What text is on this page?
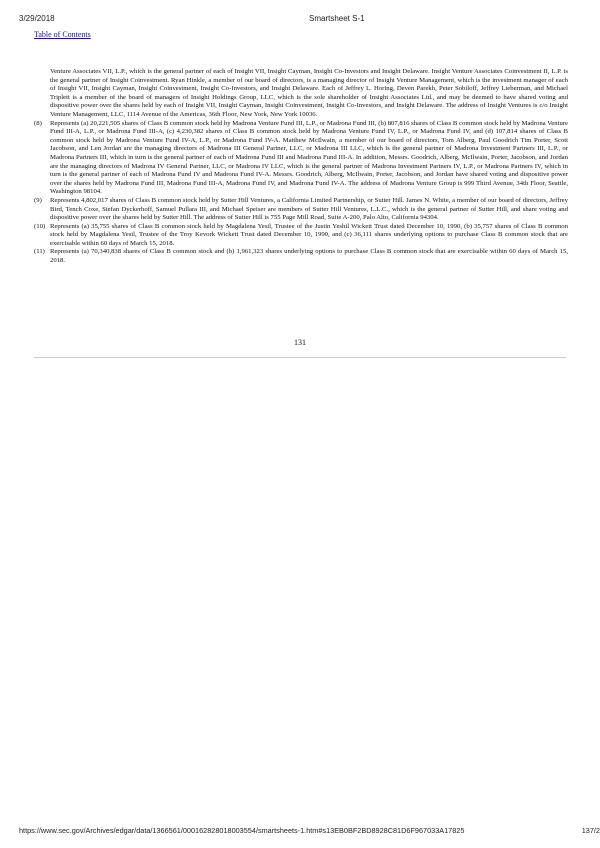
3/29/2018	Smartsheet S-1
Table of Contents

Venture Associates VII, L.P., which is the general partner of each of Insight VII, Insight Cayman, Insight Co-Investors and Insight Delaware. Insight Venture Associates Coinvestment II, L.P. is the general partner of Insight Coinvestment. Ryan Hinkle, a member of our board of directors, is a managing director of Insight Venture Management, which is the investment manager of each of Insight VII, Insight Cayman, Insight Coinvestment, Insight Co-Investors, and Insight Delaware. Each of Jeffrey L. Horing, Deven Parekh, Peter Sobiloff, Jeffrey Lieberman, and Michael Triplett is a member of the board of managers of Insight Holdings Group, LLC, which is the sole shareholder of Insight Associates Ltd., and may be deemed to have shared voting and dispositive power over the shares held by each of Insight VII, Insight Cayman, Insight Coinvestment, Insight Co-Investors, and Insight Delaware. The address of Insight Ventures is c/o Insight Venture Management, LLC, 1114 Avenue of the Americas, 36th Floor, New York, New York 10036.

(8)	Represents (a) 20,221,505 shares of Class B common stock held by Madrona Venture Fund III, L.P., or Madrona Fund III, (b) 807,816 shares of Class B common stock held by Madrona Venture Fund III-A, L.P., or Madrona Fund III-A, (c) 4,230,382 shares of Class B common stock held by Madrona Venture Fund IV, L.P., or Madrona Fund IV, and (d) 107,814 shares of Class B common stock held by Madrona Venture Fund IV-A, L.P., or Madrona Fund IV-A. Matthew McIlwain, a member of our board of directors, Tom Alberg, Paul Goodrich Tim Porter, Scott Jacobson, and Len Jordan are the managing directors of Madrona III General Partner, LLC, or Madrona III LLC, which is the general partner of Madrona Investment Partners III, L.P., or Madrona Partners III, which in turn is the general partner of each of Madrona Fund III and Madrona Fund III-A. In addition, Messrs. Goodrich, Alberg, McIlwain, Porter, Jacobson, and Jordan are the managing directors of Madrona IV General Partner, LLC, or Madrona IV LLC, which is the general partner of Madrona Investment Partners IV, L.P., or Madrona Partners IV, which in turn is the general partner of each of Madrona Fund IV and Madrona Fund IV-A. Messrs. Goodrich, Alberg, McIlwain, Porter, Jacobson, and Jordan have shared voting and dispositive power over the shares held by Madrona Fund III, Madrona Fund III-A, Madrona Fund IV, and Madrona Fund IV-A. The address of Madrona Venture Group is 999 Third Avenue, 34th Floor, Seattle, Washington 98104.
(9)	Represents 4,802,017 shares of Class B common stock held by Sutter Hill Ventures, a California Limited Partnership, or Sutter Hill. James N. White, a member of our board of directors, Jeffrey Bird, Tench Coxe, Stefan Dyckerhoff, Samuel Pullara III, and Michael Speiser are members of Sutter Hill Ventures, L.L.C., which is the general partner of Sutter Hill, and share voting and dispositive power over the shares held by Sutter Hill. The address of Sutter Hill is 755 Page Mill Road, Suite A-200, Palo Alto, California 94304.
(10) Represents (a) 35,755 shares of Class B common stock held by Magdalena Yesil, Trustee of the Justin Yeshil Wickett Trust dated December 10, 1990, (b) 35,757 shares of Class B common stock held by Magdalena Yesil, Trustee of the Troy Kevork Wickett Trust dated December 10, 1990, and (c) 36,111 shares underlying options to purchase Class B common stock that are exercisable within 60 days of March 15, 2018.
(11) Represents (a) 70,340,838 shares of Class B common stock and (b) 1,961,323 shares underlying options to purchase Class B common stock that are exercisable within 60 days of March 15, 2018.
131
https://www.sec.gov/Archives/edgar/data/1366561/000162828018003554/smartsheets-1.htm#s13EB0BF2BD8928C81D6F967033A17825	137/2
